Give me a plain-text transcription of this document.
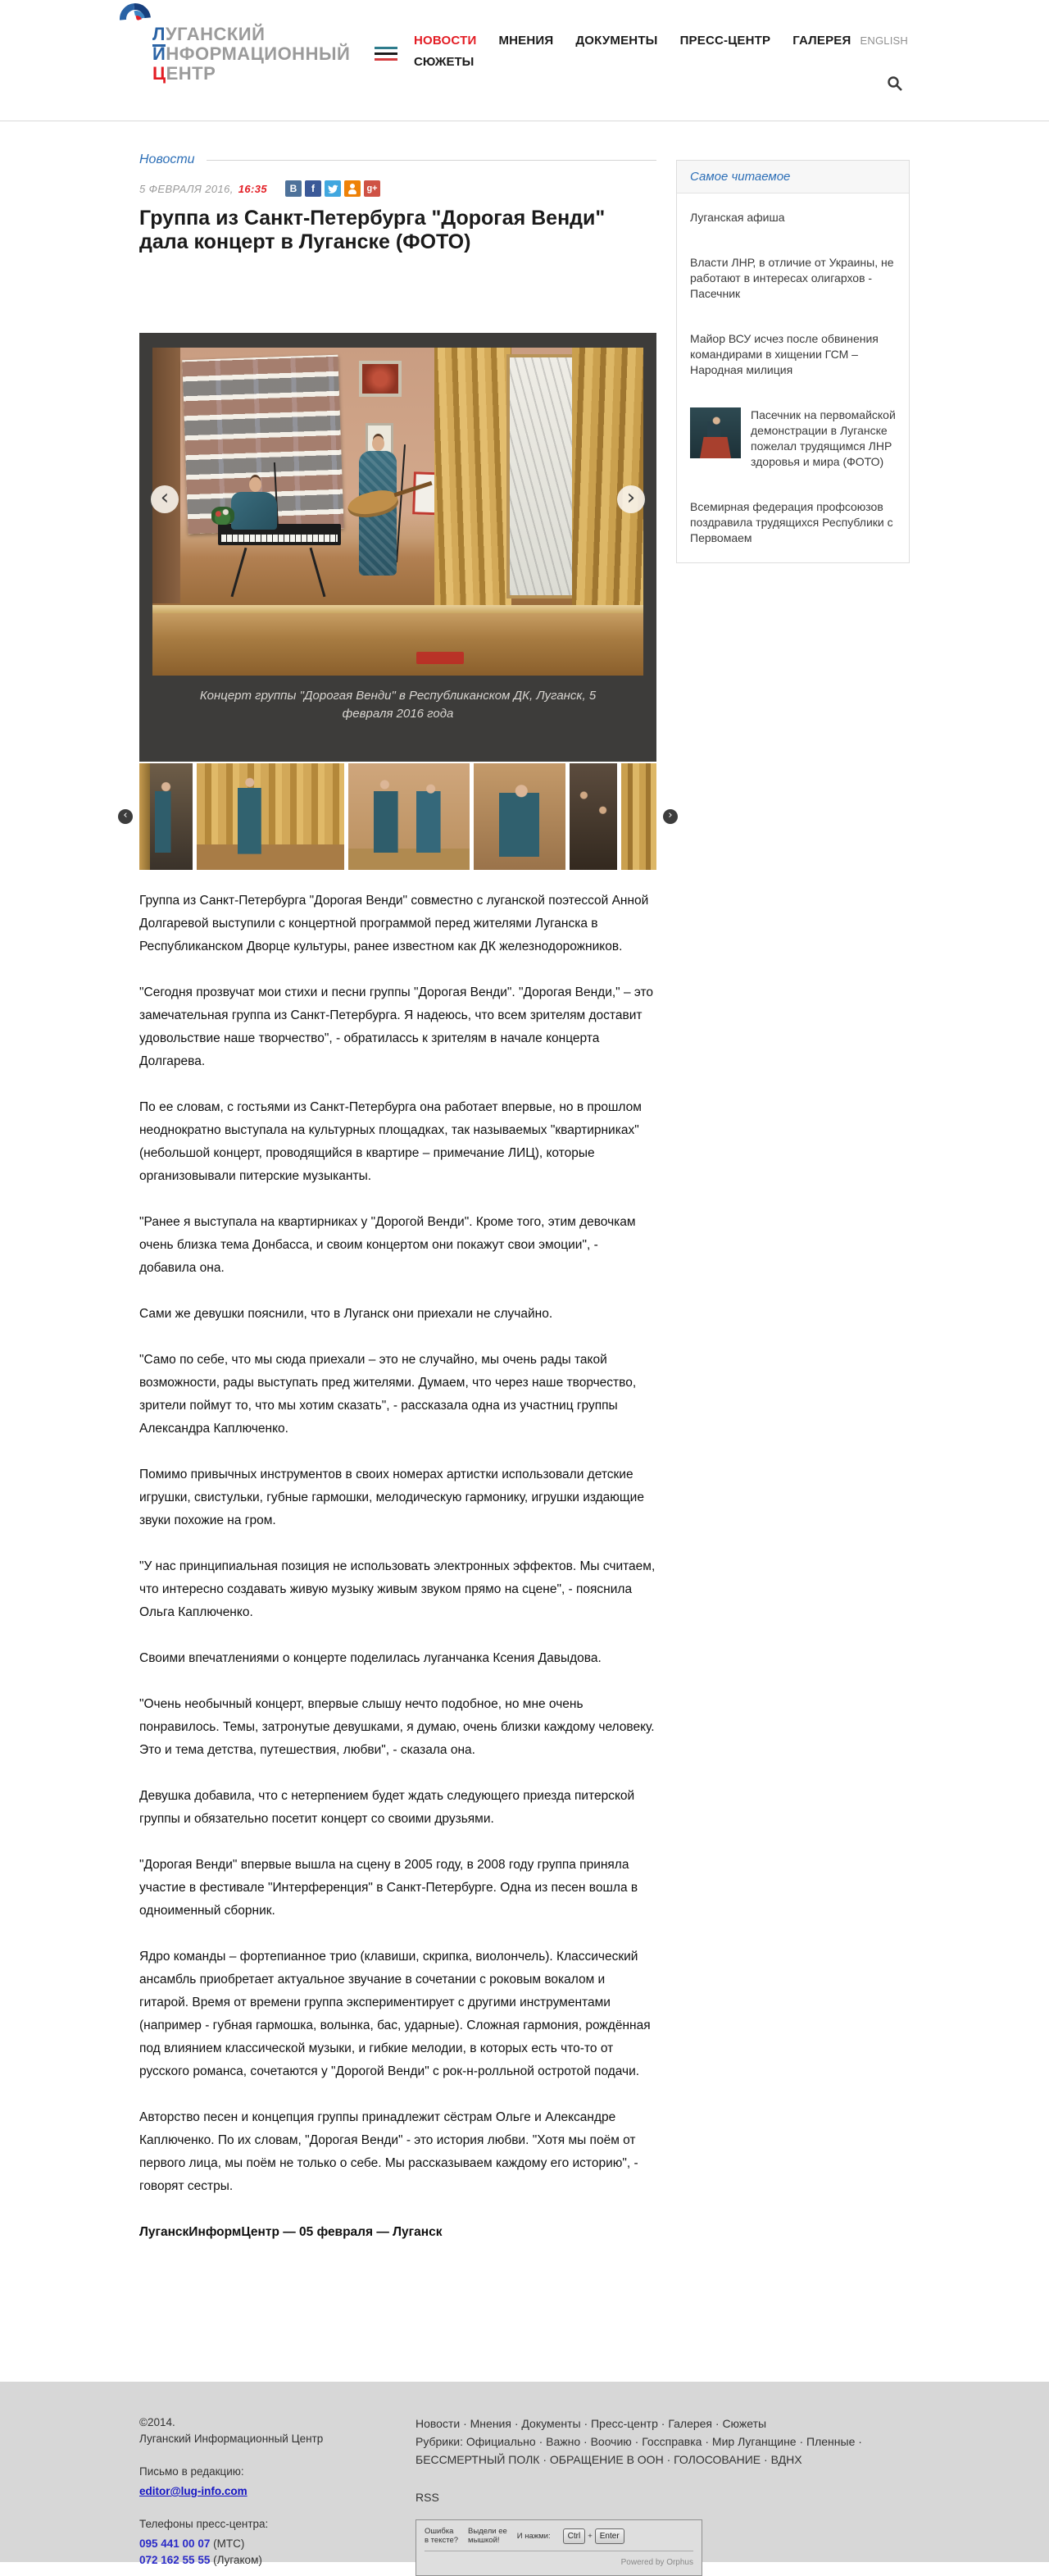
ЛУГАНСКИЙ
ИНФОРМАЦИОННЫЙ
ЦЕНТР
НОВОСТИ МНЕНИЯ ДОКУМЕНТЫ ПРЕСС-ЦЕНТР ГАЛЕРЕЯ ENGLISH
СЮЖЕТЫ
Новости
5 ФЕВРАЛЯ 2016, 16:35	В	f	g+
Группа из Санкт-Петербурга "Дорогая Венди" дала концерт в Луганске (ФОТО)
‹	›
Концерт группы "Дорогая Венди" в Республиканском ДК, Луганск, 5 февраля 2016 года
‹	›

Группа из Санкт-Петербурга "Дорогая Венди" совместно с луганской поэтессой Анной Долгаревой выступили с концертной программой перед жителями Луганска в Республиканском Дворце культуры, ранее известном как ДК железнодорожников.

"Сегодня прозвучат мои стихи и песни группы "Дорогая Венди". "Дорогая Венди," – это замечательная группа из Санкт-Петербурга. Я надеюсь, что всем зрителям доставит удовольствие наше творчество", - обратилассь к зрителям в начале концерта Долгарева.

По ее словам, с гостьями из Санкт-Петербурга она работает впервые, но в прошлом неоднократно выступала на культурных площадках, так называемых "квартирниках" (небольшой концерт, проводящийся в квартире – примечание ЛИЦ), которые организовывали питерские музыканты.

"Ранее я выступала на квартирниках у "Дорогой Венди". Кроме того, этим девочкам очень близка тема Донбасса, и своим концертом они покажут свои эмоции", - добавила она.

Сами же девушки пояснили, что в Луганск они приехали не случайно.

"Само по себе, что мы сюда приехали – это не случайно, мы очень рады такой возможности, рады выступать пред жителями. Думаем, что через наше творчество, зрители поймут то, что мы хотим сказать", - рассказала одна из участниц группы Александра Каплюченко.

Помимо привычных инструментов в своих номерах артистки использовали детские игрушки, свистульки, губные гармошки, мелодическую гармонику, игрушки издающие звуки похожие на гром.

"У нас принципиальная позиция не использовать электронных эффектов. Мы считаем, что интересно создавать живую музыку живым звуком прямо на сцене", - пояснила Ольга Каплюченко.

Своими впечатлениями о концерте поделилась луганчанка Ксения Давыдова.

"Очень необычный концерт, впервые слышу нечто подобное, но мне очень понравилось. Темы, затронутые девушками, я думаю, очень близки каждому человеку. Это и тема детства, путешествия, любви", - сказала она.

Девушка добавила, что с нетерпением будет ждать следующего приезда питерской группы и обязательно посетит концерт со своими друзьями.

"Дорогая Венди" впервые вышла на сцену в 2005 году, в 2008 году группа приняла участие в фестивале "Интерференция" в Санкт-Петербурге. Одна из песен вошла в одноименный сборник.

Ядро команды – фортепианное трио (клавиши, скрипка, виолончель). Классический ансамбль приобретает актуальное звучание в сочетании с роковым вокалом и гитарой. Время от времени группа экспериментирует с другими инструментами (например - губная гармошка, волынка, бас, ударные). Сложная гармония, рождённая под влиянием классической музыки, и гибкие мелодии, в которых есть что-то от русского романса, сочетаются у "Дорогой Венди" с рок-н-ролльной остротой подачи.

Авторство песен и концепция группы принадлежит сёстрам Ольге и Александре Каплюченко. По их словам, "Дорогая Венди" - это история любви. "Хотя мы поём от первого лица, мы поём не только о себе. Мы рассказываем каждому его историю", - говорят сестры.

ЛуганскИнформЦентр — 05 февраля — Луганск

Самое читаемое
Луганская афиша
Власти ЛНР, в отличие от Украины, не работают в интересах олигархов - Пасечник
Майор ВСУ исчез после обвинения командирами в хищении ГСМ – Народная милиция
Пасечник на первомайской демонстрации в Луганске пожелал трудящимся ЛНР здоровья и мира (ФОТО)
Всемирная федерация профсоюзов поздравила трудящихся Республики с Первомаем
©2014.
Луганский Информационный Центр
Письмо в редакцию:
editor@lug-info.com
Телефоны пресс-центра:
095 441 00 07 (МТС)
072 162 55 55 (Лугаком)
Новости · Мнения · Документы · Пресс-центр · Галерея · Сюжеты
Рубрики: Официально · Важно · Воочию · Госсправка · Мир Луганщине · Пленные ·
БЕССМЕРТНЫЙ ПОЛК · ОБРАЩЕНИЕ В ООН · ГОЛОСОВАНИЕ · ВДНХ
RSS
Ошибка
в тексте?
Выдели ее
мышкой!	И нажми:	Ctrl + Enter
Powered by Orphus
